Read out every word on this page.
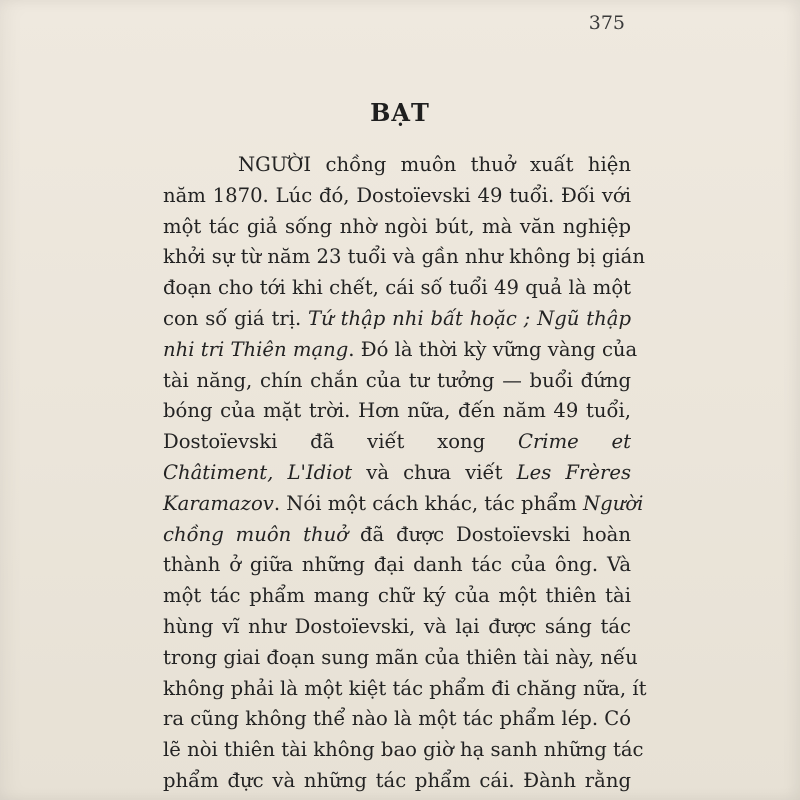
375
BẠT
NGƯỜI chồng muôn thuở xuất hiện
năm 1870. Lúc đó, Dostoïevski 49 tuổi. Đối với
một tác giả sống nhờ ngòi bút, mà văn nghiệp
khởi sự từ năm 23 tuổi và gần như không bị gián
đoạn cho tới khi chết, cái số tuổi 49 quả là một
con số giá trị. Tứ thập nhi bất hoặc ; Ngũ thập
nhi tri Thiên mạng. Đó là thời kỳ vững vàng của
tài năng, chín chắn của tư tưởng — buổi đứng
bóng của mặt trời. Hơn nữa, đến năm 49 tuổi,
Dostoïevski đã viết xong Crime et
Châtiment, L'Idiot và chưa viết Les Frères
Karamazov. Nói một cách khác, tác phẩm Người
chồng muôn thuở đã được Dostoïevski hoàn
thành ở giữa những đại danh tác của ông. Và
một tác phẩm mang chữ ký của một thiên tài
hùng vĩ như Dostoïevski, và lại được sáng tác
trong giai đoạn sung mãn của thiên tài này, nếu
không phải là một kiệt tác phẩm đi chăng nữa, ít
ra cũng không thể nào là một tác phẩm lép. Có
lẽ nòi thiên tài không bao giờ hạ sanh những tác
phẩm đực và những tác phẩm cái. Đành rằng
